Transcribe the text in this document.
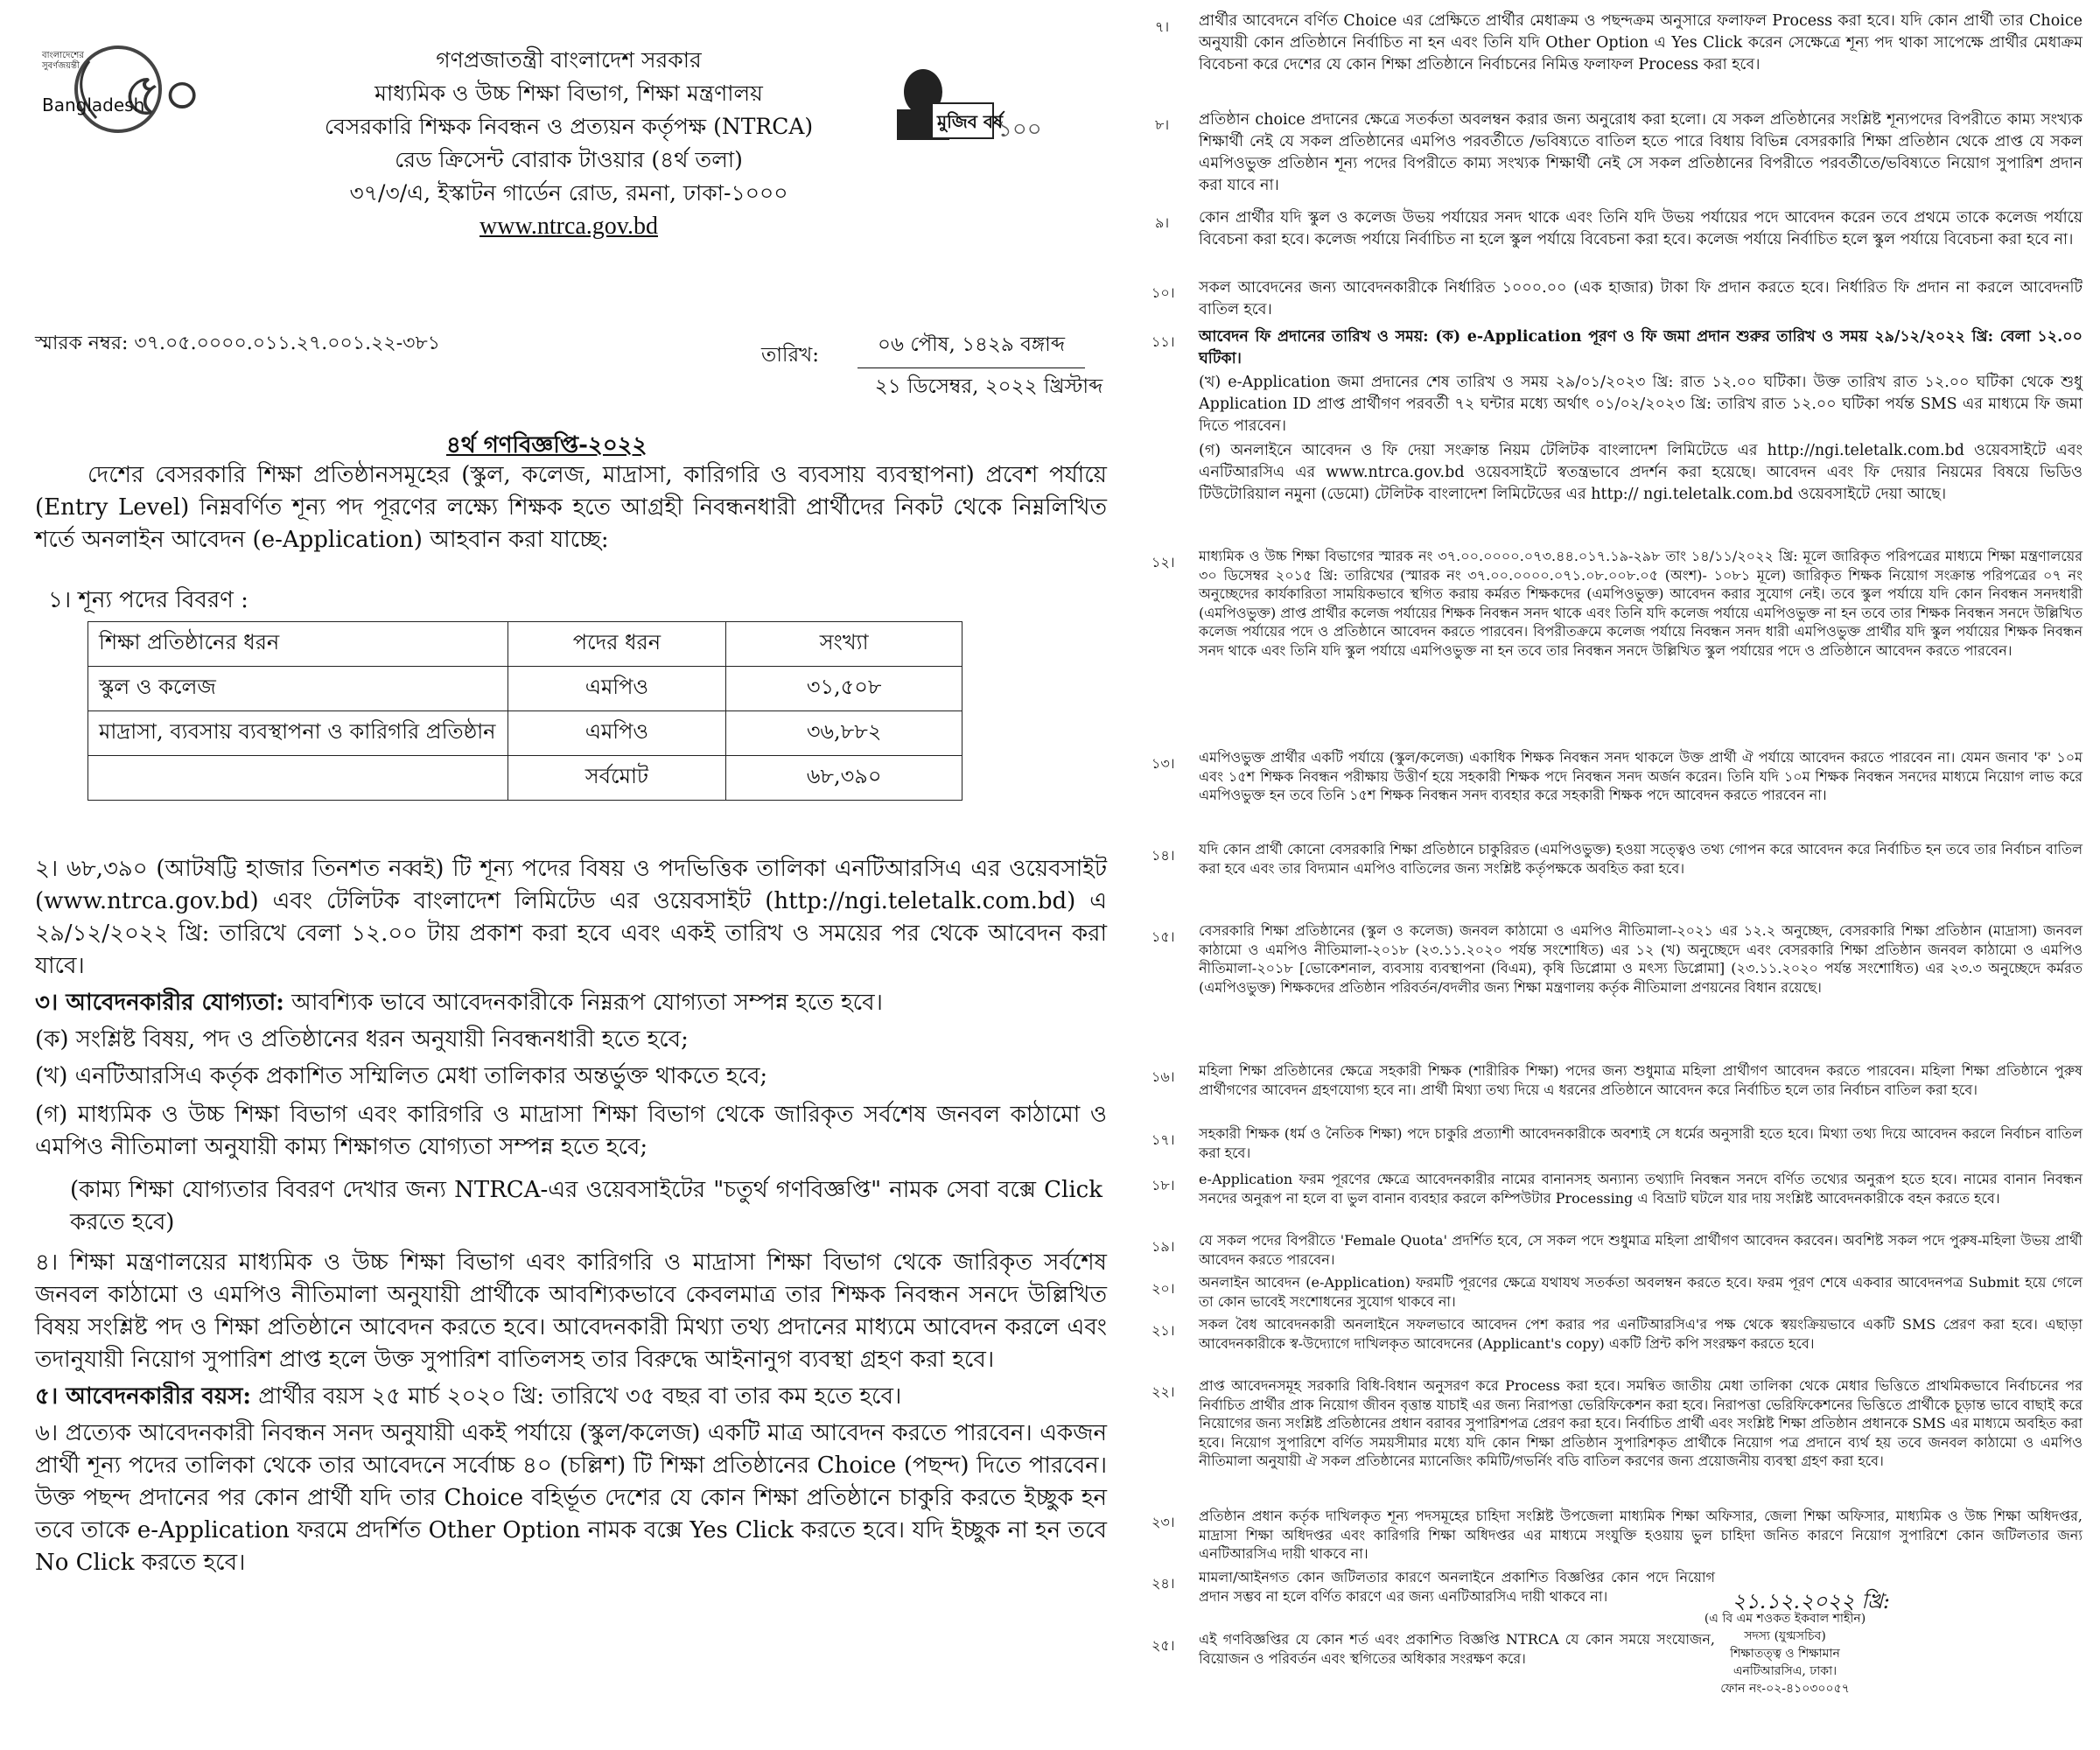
৫০
বাংলাদেশের সুবর্ণজয়ন্তী
Bangladesh
গণপ্রজাতন্ত্রী বাংলাদেশ সরকার
মাধ্যমিক ও উচ্চ শিক্ষা বিভাগ, শিক্ষা মন্ত্রণালয়
বেসরকারি শিক্ষক নিবন্ধন ও প্রত্যয়ন কর্তৃপক্ষ (NTRCA)
রেড ক্রিসেন্ট বোরাক টাওয়ার (৪র্থ তলা)
৩৭/৩/এ, ইস্কাটন গার্ডেন রোড, রমনা, ঢাকা-১০০০
www.ntrca.gov.bd
মুজিব বর্ষ
১০০
স্মারক নম্বর: ৩৭.০৫.০০০০.০১১.২৭.০০১.২২-৩৮১
তারিখ:	০৬ পৌষ, ১৪২৯ বঙ্গাব্দ
২১ ডিসেম্বর, ২০২২ খ্রিস্টাব্দ
৪র্থ গণবিজ্ঞপ্তি-২০২২
দেশের বেসরকারি শিক্ষা প্রতিষ্ঠানসমূহের (স্কুল, কলেজ, মাদ্রাসা, কারিগরি ও ব্যবসায় ব্যবস্থাপনা) প্রবেশ পর্যায়ে (Entry Level) নিম্নবর্ণিত শূন্য পদ পূরণের লক্ষ্যে শিক্ষক হতে আগ্রহী নিবন্ধনধারী প্রার্থীদের নিকট থেকে নিম্নলিখিত শর্তে অনলাইন আবেদন (e-Application) আহবান করা যাচ্ছে:
১। শূন্য পদের বিবরণ :
শিক্ষা প্রতিষ্ঠানের ধরন	পদের ধরন	সংখ্যা
স্কুল ও কলেজ	এমপিও	৩১,৫০৮
মাদ্রাসা, ব্যবসায় ব্যবস্থাপনা ও কারিগরি প্রতিষ্ঠান	এমপিও	৩৬,৮৮২
	সর্বমোট	৬৮,৩৯০
২। ৬৮,৩৯০ (আটষট্টি হাজার তিনশত নব্বই) টি শূন্য পদের বিষয় ও পদভিত্তিক তালিকা এনটিআরসিএ এর ওয়েবসাইট (www.ntrca.gov.bd) এবং টেলিটক বাংলাদেশ লিমিটেড এর ওয়েবসাইট (http://ngi.teletalk.com.bd) এ ২৯/১২/২০২২ খ্রি: তারিখে বেলা ১২.০০ টায় প্রকাশ করা হবে এবং একই তারিখ ও সময়ের পর থেকে আবেদন করা যাবে।
৩। আবেদনকারীর যোগ্যতা: আবশ্যিক ভাবে আবেদনকারীকে নিম্নরূপ যোগ্যতা সম্পন্ন হতে হবে।
(ক) সংশ্লিষ্ট বিষয়, পদ ও প্রতিষ্ঠানের ধরন অনুযায়ী নিবন্ধনধারী হতে হবে;
(খ) এনটিআরসিএ কর্তৃক প্রকাশিত সম্মিলিত মেধা তালিকার অন্তর্ভুক্ত থাকতে হবে;
(গ) মাধ্যমিক ও উচ্চ শিক্ষা বিভাগ এবং কারিগরি ও মাদ্রাসা শিক্ষা বিভাগ থেকে জারিকৃত সর্বশেষ জনবল কাঠামো ও এমপিও নীতিমালা অনুযায়ী কাম্য শিক্ষাগত যোগ্যতা সম্পন্ন হতে হবে;
(কাম্য শিক্ষা যোগ্যতার বিবরণ দেখার জন্য NTRCA-এর ওয়েবসাইটের "চতুর্থ গণবিজ্ঞপ্তি" নামক সেবা বক্সে Click করতে হবে)
৪। শিক্ষা মন্ত্রণালয়ের মাধ্যমিক ও উচ্চ শিক্ষা বিভাগ এবং কারিগরি ও মাদ্রাসা শিক্ষা বিভাগ থেকে জারিকৃত সর্বশেষ জনবল কাঠামো ও এমপিও নীতিমালা অনুযায়ী প্রার্থীকে আবশ্যিকভাবে কেবলমাত্র তার শিক্ষক নিবন্ধন সনদে উল্লিখিত বিষয় সংশ্লিষ্ট পদ ও শিক্ষা প্রতিষ্ঠানে আবেদন করতে হবে। আবেদনকারী মিথ্যা তথ্য প্রদানের মাধ্যমে আবেদন করলে এবং তদানুযায়ী নিয়োগ সুপারিশ প্রাপ্ত হলে উক্ত সুপারিশ বাতিলসহ তার বিরুদ্ধে আইনানুগ ব্যবস্থা গ্রহণ করা হবে।
৫। আবেদনকারীর বয়স: প্রার্থীর বয়স ২৫ মার্চ ২০২০ খ্রি: তারিখে ৩৫ বছর বা তার কম হতে হবে।
৬। প্রত্যেক আবেদনকারী নিবন্ধন সনদ অনুযায়ী একই পর্যায়ে (স্কুল/কলেজ) একটি মাত্র আবেদন করতে পারবেন। একজন প্রার্থী শূন্য পদের তালিকা থেকে তার আবেদনে সর্বোচ্চ ৪০ (চল্লিশ) টি শিক্ষা প্রতিষ্ঠানের Choice (পছন্দ) দিতে পারবেন। উক্ত পছন্দ প্রদানের পর কোন প্রার্থী যদি তার Choice বহির্ভূত দেশের যে কোন শিক্ষা প্রতিষ্ঠানে চাকুরি করতে ইচ্ছুক হন তবে তাকে e-Application ফরমে প্রদর্শিত Other Option নামক বক্সে Yes Click করতে হবে। যদি ইচ্ছুক না হন তবে No Click করতে হবে।
৭। প্রার্থীর আবেদনে বর্ণিত Choice এর প্রেক্ষিতে প্রার্থীর মেধাক্রম ও পছন্দক্রম অনুসারে ফলাফল Process করা হবে। যদি কোন প্রার্থী তার Choice অনুযায়ী কোন প্রতিষ্ঠানে নির্বাচিত না হন এবং তিনি যদি Other Option এ Yes Click করেন সেক্ষেত্রে শূন্য পদ থাকা সাপেক্ষে প্রার্থীর মেধাক্রম বিবেচনা করে দেশের যে কোন শিক্ষা প্রতিষ্ঠানে নির্বাচনের নিমিত্ত ফলাফল Process করা হবে।
৮। প্রতিষ্ঠান choice প্রদানের ক্ষেত্রে সতর্কতা অবলম্বন করার জন্য অনুরোধ করা হলো। যে সকল প্রতিষ্ঠানের সংশ্লিষ্ট শূন্যপদের বিপরীতে কাম্য সংখ্যক শিক্ষার্থী নেই যে সকল প্রতিষ্ঠানের এমপিও পরবর্তীতে /ভবিষ্যতে বাতিল হতে পারে বিধায় বিভিন্ন বেসরকারি শিক্ষা প্রতিষ্ঠান থেকে প্রাপ্ত যে সকল এমপিওভুক্ত প্রতিষ্ঠান শূন্য পদের বিপরীতে কাম্য সংখ্যক শিক্ষার্থী নেই সে সকল প্রতিষ্ঠানের বিপরীতে পরবর্তীতে/ভবিষ্যতে নিয়োগ সুপারিশ প্রদান করা যাবে না।
৯। কোন প্রার্থীর যদি স্কুল ও কলেজ উভয় পর্যায়ের সনদ থাকে এবং তিনি যদি উভয় পর্যায়ের পদে আবেদন করেন তবে প্রথমে তাকে কলেজ পর্যায়ে বিবেচনা করা হবে। কলেজ পর্যায়ে নির্বাচিত না হলে স্কুল পর্যায়ে বিবেচনা করা হবে। কলেজ পর্যায়ে নির্বাচিত হলে স্কুল পর্যায়ে বিবেচনা করা হবে না।
১০। সকল আবেদনের জন্য আবেদনকারীকে নির্ধারিত ১০০০.০০ (এক হাজার) টাকা ফি প্রদান করতে হবে। নির্ধারিত ফি প্রদান না করলে আবেদনটি বাতিল হবে।
১১। আবেদন ফি প্রদানের তারিখ ও সময়: (ক) e-Application পূরণ ও ফি জমা প্রদান শুরুর তারিখ ও সময় ২৯/১২/২০২২ খ্রি: বেলা ১২.০০ ঘটিকা।
(খ) e-Application জমা প্রদানের শেষ তারিখ ও সময় ২৯/০১/২০২৩ খ্রি: রাত ১২.০০ ঘটিকা। উক্ত তারিখ রাত ১২.০০ ঘটিকা থেকে শুধু Application ID প্রাপ্ত প্রার্থীগণ পরবর্তী ৭২ ঘন্টার মধ্যে অর্থাৎ ০১/০২/২০২৩ খ্রি: তারিখ রাত ১২.০০ ঘটিকা পর্যন্ত SMS এর মাধ্যমে ফি জমা দিতে পারবেন।
(গ) অনলাইনে আবেদন ও ফি দেয়া সংক্রান্ত নিয়ম টেলিটক বাংলাদেশ লিমিটেডে এর http://ngi.teletalk.com.bd ওয়েবসাইটে এবং এনটিআরসিএ এর www.ntrca.gov.bd ওয়েবসাইটে স্বতন্ত্রভাবে প্রদর্শন করা হয়েছে। আবেদন এবং ফি দেয়ার নিয়মের বিষয়ে ভিডিও টিউটোরিয়াল নমুনা (ডেমো) টেলিটক বাংলাদেশ লিমিটেডের এর http:// ngi.teletalk.com.bd ওয়েবসাইটে দেয়া আছে।
১২। মাধ্যমিক ও উচ্চ শিক্ষা বিভাগের স্মারক নং ৩৭.০০.০০০০.০৭৩.৪৪.০১৭.১৯-২৯৮ তাং ১৪/১১/২০২২ খ্রি: মূলে জারিকৃত পরিপত্রের মাধ্যমে শিক্ষা মন্ত্রণালয়ের ৩০ ডিসেম্বর ২০১৫ খ্রি: তারিখের (স্মারক নং ৩৭.০০.০০০০.০৭১.০৮.০০৮.০৫ (অংশ)- ১০৮১ মূলে) জারিকৃত শিক্ষক নিয়োগ সংক্রান্ত পরিপত্রের ০৭ নং অনুচ্ছেদের কার্যকারিতা সাময়িকভাবে স্থগিত করায় কর্মরত শিক্ষকদের (এমপিওভুক্ত) আবেদন করার সুযোগ নেই। তবে স্কুল পর্যায়ে যদি কোন নিবন্ধন সনদধারী (এমপিওভুক্ত) প্রাপ্ত প্রার্থীর কলেজ পর্যায়ের শিক্ষক নিবন্ধন সনদ থাকে এবং তিনি যদি কলেজ পর্যায়ে এমপিওভুক্ত না হন তবে তার শিক্ষক নিবন্ধন সনদে উল্লিখিত কলেজ পর্যায়ের পদে ও প্রতিষ্ঠানে আবেদন করতে পারবেন। বিপরীতক্রমে কলেজ পর্যায়ে নিবন্ধন সনদ ধারী এমপিওভুক্ত প্রার্থীর যদি স্কুল পর্যায়ের শিক্ষক নিবন্ধন সনদ থাকে এবং তিনি যদি স্কুল পর্যায়ে এমপিওভুক্ত না হন তবে তার নিবন্ধন সনদে উল্লিখিত স্কুল পর্যায়ের পদে ও প্রতিষ্ঠানে আবেদন করতে পারবেন।
১৩। এমপিওভুক্ত প্রার্থীর একটি পর্যায়ে (স্কুল/কলেজ) একাধিক শিক্ষক নিবন্ধন সনদ থাকলে উক্ত প্রার্থী ঐ পর্যায়ে আবেদন করতে পারবেন না। যেমন জনাব 'ক' ১০ম এবং ১৫শ শিক্ষক নিবন্ধন পরীক্ষায় উত্তীর্ণ হয়ে সহকারী শিক্ষক পদে নিবন্ধন সনদ অর্জন করেন। তিনি যদি ১০ম শিক্ষক নিবন্ধন সনদের মাধ্যমে নিয়োগ লাভ করে এমপিওভুক্ত হন তবে তিনি ১৫শ শিক্ষক নিবন্ধন সনদ ব্যবহার করে সহকারী শিক্ষক পদে আবেদন করতে পারবেন না।
১৪। যদি কোন প্রার্থী কোনো বেসরকারি শিক্ষা প্রতিষ্ঠানে চাকুরিরত (এমপিওভুক্ত) হওয়া সত্ত্বেও তথ্য গোপন করে আবেদন করে নির্বাচিত হন তবে তার নির্বাচন বাতিল করা হবে এবং তার বিদ্যমান এমপিও বাতিলের জন্য সংশ্লিষ্ট কর্তৃপক্ষকে অবহিত করা হবে।
১৫। বেসরকারি শিক্ষা প্রতিষ্ঠানের (স্কুল ও কলেজ) জনবল কাঠামো ও এমপিও নীতিমালা-২০২১ এর ১২.২ অনুচ্ছেদ, বেসরকারি শিক্ষা প্রতিষ্ঠান (মাদ্রাসা) জনবল কাঠামো ও এমপিও নীতিমালা-২০১৮ (২৩.১১.২০২০ পর্যন্ত সংশোধিত) এর ১২ (খ) অনুচ্ছেদে এবং বেসরকারি শিক্ষা প্রতিষ্ঠান জনবল কাঠামো ও এমপিও নীতিমালা-২০১৮ [ভোকেশনাল, ব্যবসায় ব্যবস্থাপনা (বিএম), কৃষি ডিপ্লোমা ও মৎস্য ডিপ্লোমা] (২৩.১১.২০২০ পর্যন্ত সংশোধিত) এর ২৩.৩ অনুচ্ছেদে কর্মরত (এমপিওভুক্ত) শিক্ষকদের প্রতিষ্ঠান পরিবর্তন/বদলীর জন্য শিক্ষা মন্ত্রণালয় কর্তৃক নীতিমালা প্রণয়নের বিধান রয়েছে।
১৬। মহিলা শিক্ষা প্রতিষ্ঠানের ক্ষেত্রে সহকারী শিক্ষক (শারীরিক শিক্ষা) পদের জন্য শুধুমাত্র মহিলা প্রার্থীগণ আবেদন করতে পারবেন। মহিলা শিক্ষা প্রতিষ্ঠানে পুরুষ প্রার্থীগণের আবেদন গ্রহণযোগ্য হবে না। প্রার্থী মিথ্যা তথ্য দিয়ে এ ধরনের প্রতিষ্ঠানে আবেদন করে নির্বাচিত হলে তার নির্বাচন বাতিল করা হবে।
১৭। সহকারী শিক্ষক (ধর্ম ও নৈতিক শিক্ষা) পদে চাকুরি প্রত্যাশী আবেদনকারীকে অবশ্যই সে ধর্মের অনুসারী হতে হবে। মিথ্যা তথ্য দিয়ে আবেদন করলে নির্বাচন বাতিল করা হবে।
১৮। e-Application ফরম পূরণের ক্ষেত্রে আবেদনকারীর নামের বানানসহ অন্যান্য তথ্যাদি নিবন্ধন সনদে বর্ণিত তথ্যের অনুরূপ হতে হবে। নামের বানান নিবন্ধন সনদের অনুরূপ না হলে বা ভুল বানান ব্যবহার করলে কম্পিউটার Processing এ বিভ্রাট ঘটলে যার দায় সংশ্লিষ্ট আবেদনকারীকে বহন করতে হবে।
১৯। যে সকল পদের বিপরীতে 'Female Quota' প্রদর্শিত হবে, সে সকল পদে শুধুমাত্র মহিলা প্রার্থীগণ আবেদন করবেন। অবশিষ্ট সকল পদে পুরুষ-মহিলা উভয় প্রার্থী আবেদন করতে পারবেন।
২০। অনলাইন আবেদন (e-Application) ফরমটি পূরণের ক্ষেত্রে যথাযথ সতর্কতা অবলম্বন করতে হবে। ফরম পূরণ শেষে একবার আবেদনপত্র Submit হয়ে গেলে তা কোন ভাবেই সংশোধনের সুযোগ থাকবে না।
২১। সকল বৈধ আবেদনকারী অনলাইনে সফলভাবে আবেদন পেশ করার পর এনটিআরসিএ'র পক্ষ থেকে স্বয়ংক্রিয়ভাবে একটি SMS প্রেরণ করা হবে। এছাড়া আবেদনকারীকে স্ব-উদ্যোগে দাখিলকৃত আবেদনের (Applicant's copy) একটি প্রিন্ট কপি সংরক্ষণ করতে হবে।
২২। প্রাপ্ত আবেদনসমূহ সরকারি বিধি-বিধান অনুসরণ করে Process করা হবে। সমন্বিত জাতীয় মেধা তালিকা থেকে মেধার ভিত্তিতে প্রাথমিকভাবে নির্বাচনের পর নির্বাচিত প্রার্থীর প্রাক নিয়োগ জীবন বৃত্তান্ত যাচাই এর জন্য নিরাপত্তা ভেরিফিকেশন করা হবে। নিরাপত্তা ভেরিফিকেশনের ভিত্তিতে প্রার্থীকে চূড়ান্ত ভাবে বাছাই করে নিয়োগের জন্য সংশ্লিষ্ট প্রতিষ্ঠানের প্রধান বরাবর সুপারিশপত্র প্রেরণ করা হবে। নির্বাচিত প্রার্থী এবং সংশ্লিষ্ট শিক্ষা প্রতিষ্ঠান প্রধানকে SMS এর মাধ্যমে অবহিত করা হবে। নিয়োগ সুপারিশে বর্ণিত সময়সীমার মধ্যে যদি কোন শিক্ষা প্রতিষ্ঠান সুপারিশকৃত প্রার্থীকে নিয়োগ পত্র প্রদানে ব্যর্থ হয় তবে জনবল কাঠামো ও এমপিও নীতিমালা অনুযায়ী ঐ সকল প্রতিষ্ঠানের ম্যানেজিং কমিটি/গভর্নিং বডি বাতিল করণের জন্য প্রয়োজনীয় ব্যবস্থা গ্রহণ করা হবে।
২৩। প্রতিষ্ঠান প্রধান কর্তৃক দাখিলকৃত শূন্য পদসমূহের চাহিদা সংশ্লিষ্ট উপজেলা মাধ্যমিক শিক্ষা অফিসার, জেলা শিক্ষা অফিসার, মাধ্যমিক ও উচ্চ শিক্ষা অধিদপ্তর, মাদ্রাসা শিক্ষা অধিদপ্তর এবং কারিগরি শিক্ষা অধিদপ্তর এর মাধ্যমে সংযুক্তি হওয়ায় ভুল চাহিদা জনিত কারণে নিয়োগ সুপারিশে কোন জটিলতার জন্য এনটিআরসিএ দায়ী থাকবে না।
২৪। মামলা/আইনগত কোন জটিলতার কারণে অনলাইনে প্রকাশিত বিজ্ঞপ্তির কোন পদে নিয়োগ প্রদান সম্ভব না হলে বর্ণিত কারণে এর জন্য এনটিআরসিএ দায়ী থাকবে না।
২৫। এই গণবিজ্ঞপ্তির যে কোন শর্ত এবং প্রকাশিত বিজ্ঞপ্তি NTRCA যে কোন সময়ে সংযোজন, বিয়োজন ও পরিবর্তন এবং স্থগিতের অধিকার সংরক্ষণ করে।
২১.১২.২০২২ খ্রি:
(এ বি এম শওকত ইকবাল শাহীন)
সদস্য (যুগ্মসচিব)
শিক্ষাতত্ত্ব ও শিক্ষামান
এনটিআরসিএ, ঢাকা।
ফোন নং-০২-৪১০৩০০৫৭
